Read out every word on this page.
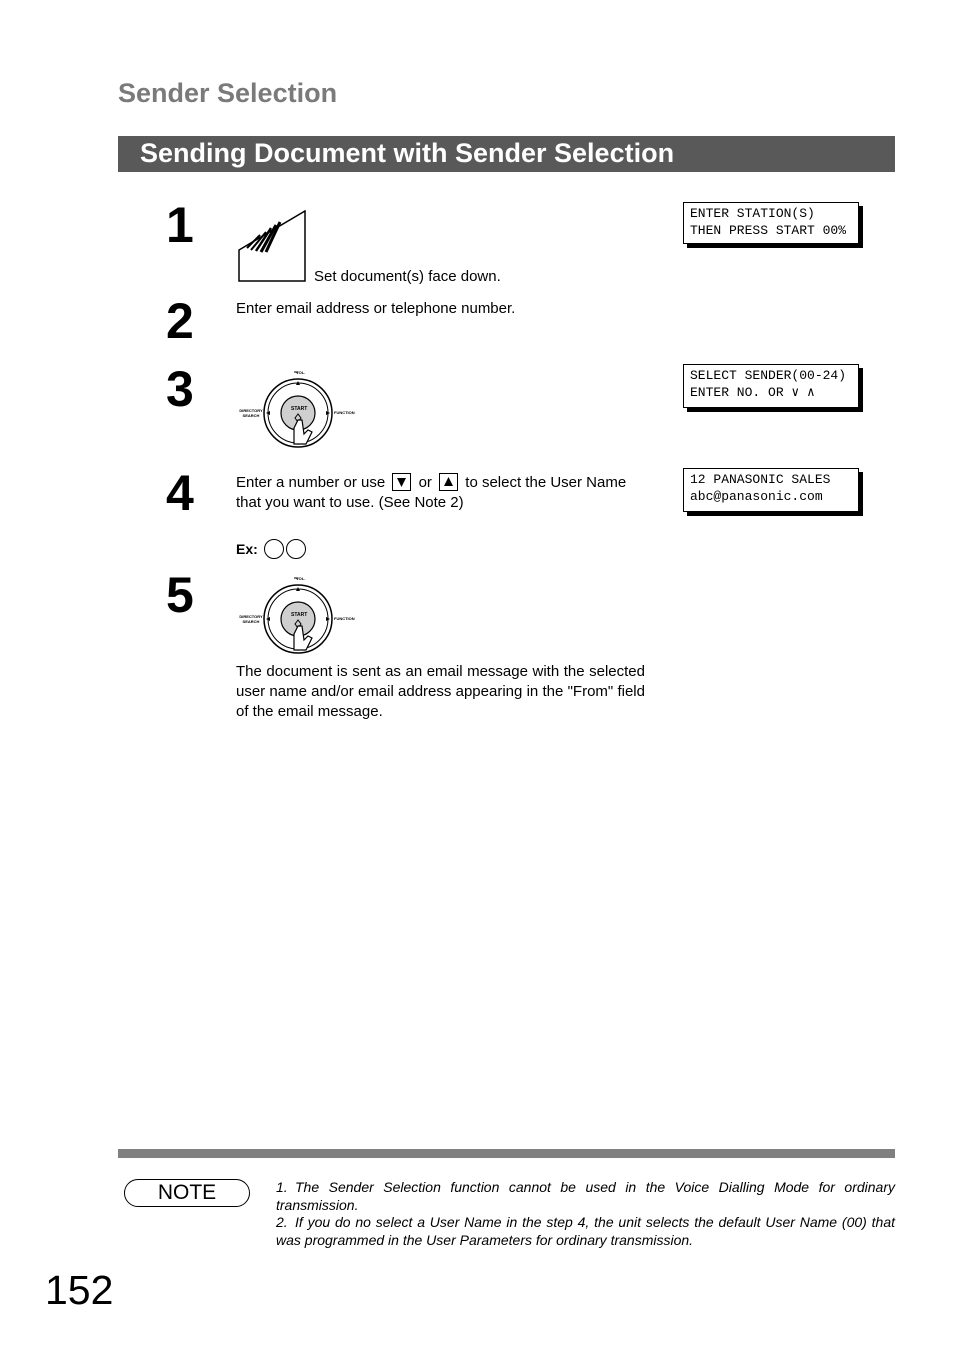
Sender Selection
Sending Document with Sender Selection
1
Set document(s) face down.
ENTER STATION(S)
THEN PRESS START 00%
2	Enter email address or telephone number.
3	DIRECTORY
SEARCH
FUNCTION
START
VOL.	SELECT SENDER(00-24)
ENTER NO. OR ∨ ∧
4	Enter a number or use or to select the User Name
that you want to use. (See Note 2)
Ex:
12 PANASONIC SALES
abc@panasonic.com
5	DIRECTORY
SEARCH
FUNCTION
START
VOL.
The document is sent as an email message with the selected user name and/or email address appearing in the "From" field of the email message.
NOTE	1. The Sender Selection function cannot be used in the Voice Dialling Mode for ordinary transmission.
2. If you do no select a User Name in the step 4, the unit selects the default User Name (00) that was programmed in the User Parameters for ordinary transmission.
152
